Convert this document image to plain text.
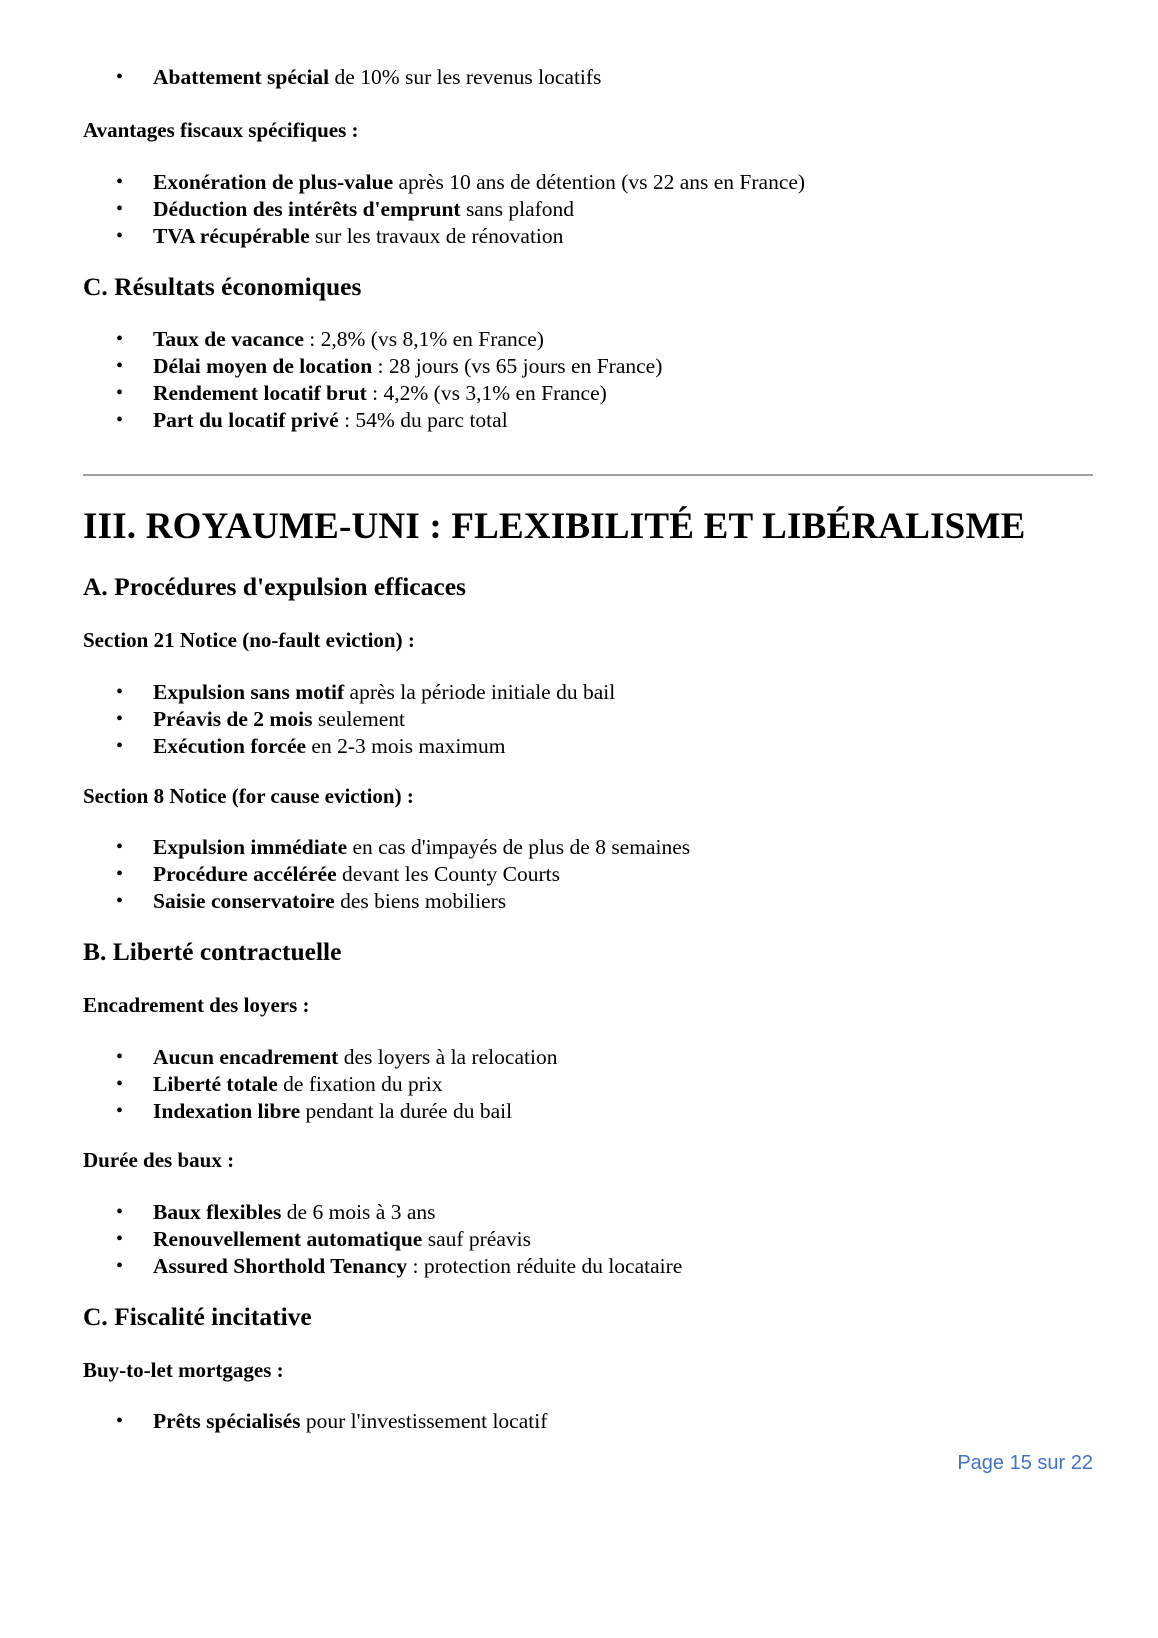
• Abattement spécial de 10% sur les revenus locatifs
Avantages fiscaux spécifiques :
• Exonération de plus-value après 10 ans de détention (vs 22 ans en France)
• Déduction des intérêts d'emprunt sans plafond
• TVA récupérable sur les travaux de rénovation
C. Résultats économiques
• Taux de vacance : 2,8% (vs 8,1% en France)
• Délai moyen de location : 28 jours (vs 65 jours en France)
• Rendement locatif brut : 4,2% (vs 3,1% en France)
• Part du locatif privé : 54% du parc total
III. ROYAUME-UNI : FLEXIBILITÉ ET LIBÉRALISME
A. Procédures d'expulsion efficaces
Section 21 Notice (no-fault eviction) :
• Expulsion sans motif après la période initiale du bail
• Préavis de 2 mois seulement
• Exécution forcée en 2-3 mois maximum
Section 8 Notice (for cause eviction) :
• Expulsion immédiate en cas d'impayés de plus de 8 semaines
• Procédure accélérée devant les County Courts
• Saisie conservatoire des biens mobiliers
B. Liberté contractuelle
Encadrement des loyers :
• Aucun encadrement des loyers à la relocation
• Liberté totale de fixation du prix
• Indexation libre pendant la durée du bail
Durée des baux :
• Baux flexibles de 6 mois à 3 ans
• Renouvellement automatique sauf préavis
• Assured Shorthold Tenancy : protection réduite du locataire
C. Fiscalité incitative
Buy-to-let mortgages :
• Prêts spécialisés pour l'investissement locatif
Page 15 sur 22
